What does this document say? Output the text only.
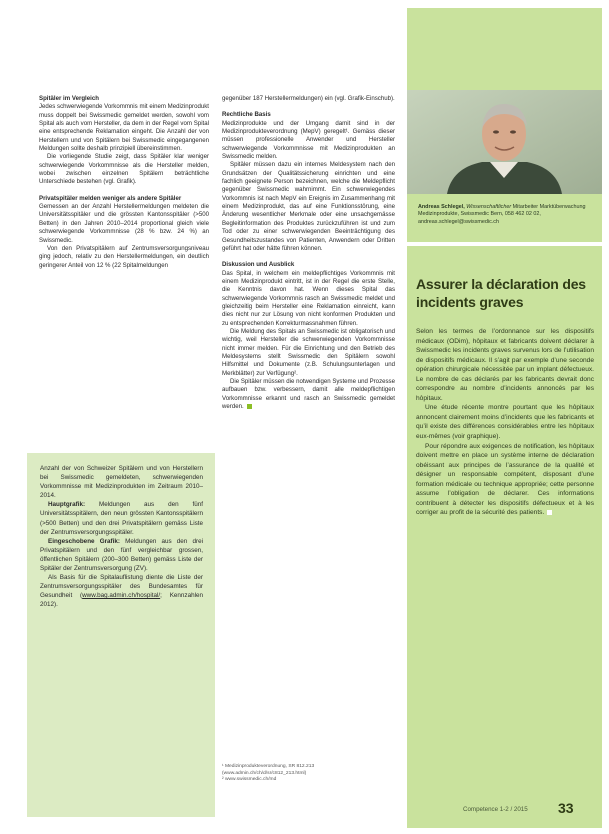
Spitäler im Vergleich

Jedes schwerwiegende Vorkommnis mit einem Medizinprodukt muss doppelt bei Swissmedic gemeldet werden, sowohl vom Spital als auch vom Hersteller, da dem in der Regel vom Spital eine entsprechende Reklamation eingeht. Die Anzahl der von Herstellern und von Spitälern bei Swissmedic eingegangenen Meldungen sollte deshalb prinzipiell übereinstimmen.

Die vorliegende Studie zeigt, dass Spitäler klar weniger schwerwiegende Vorkommnisse als die Hersteller melden, wobei zwischen einzelnen Spitälern beträchtliche Unterschiede bestehen (vgl. Grafik).

Privatspitäler melden weniger als andere Spitäler

Gemessen an der Anzahl Herstellermeldungen meldeten die Universitätsspitäler und die grössten Kantonsspitäler (>500 Betten) in den Jahren 2010–2014 proportional gleich viele schwerwiegende Vorkommnisse (28 % bzw. 24 %) an Swissmedic.

Von den Privatspitälern auf Zentrumsversorgungsniveau ging jedoch, relativ zu den Herstellermeldungen, ein deutlich geringerer Anteil von 12 % (22 Spitalmeldungen

Anzahl der von Schweizer Spitälern und von Herstellern bei Swissmedic gemeldeten, schwerwiegenden Vorkommnisse mit Medizinprodukten im Zeitraum 2010–2014.

Hauptgrafik: Meldungen aus den fünf Universitätsspitälern, den neun grössten Kantonsspitälern (>500 Betten) und den drei Privatspitälern gemäss Liste der Zentrumsversorgungsspitäler.

Eingeschobene Grafik: Meldungen aus den drei Privatspitälern und den fünf vergleichbar grossen, öffentlichen Spitälern (200–300 Betten) gemäss Liste der Spitäler der Zentrumsversorgung (ZV).

Als Basis für die Spitalauflistung diente die Liste der Zentrumsversorgungsspitäler des Bundesamtes für Gesundheit (www.bag.admin.ch/hospital/; Kennzahlen 2012).

gegenüber 187 Herstellermeldungen) ein (vgl. Grafik-Einschub).

Rechtliche Basis

Medizinprodukte und der Umgang damit sind in der Medizinprodukteverordnung (MepV) geregelt¹. Gemäss dieser müssen professionelle Anwender und Hersteller schwerwiegende Vorkommnisse mit Medizinprodukten an Swissmedic melden.

Spitäler müssen dazu ein internes Meldesystem nach den Grundsätzen der Qualitätssicherung einrichten und eine fachlich geeignete Person bezeichnen, welche die Meldepflicht gegenüber Swissmedic wahrnimmt. Ein schwerwiegendes Vorkommnis ist nach MepV ein Ereignis im Zusammenhang mit einem Medizinprodukt, das auf eine Funktionsstörung, eine Änderung wesentlicher Merkmale oder eine unsachgemässe Begleitinformation des Produktes zurückzuführen ist und zum Tod oder zu einer schwerwiegenden Beeinträchtigung des Gesundheitszustandes von Patienten, Anwendern oder Dritten geführt hat oder hätte führen können.

Diskussion und Ausblick

Das Spital, in welchem ein meldepflichtiges Vorkommnis mit einem Medizinprodukt eintritt, ist in der Regel die erste Stelle, die Kenntnis davon hat. Wenn dieses Spital das schwerwiegende Vorkommnis rasch an Swissmedic meldet und gleichzeitig beim Hersteller eine Reklamation einreicht, kann dies nicht nur zur Lösung von nicht konformen Produkten und zu entsprechenden Korrekturmassnahmen führen.

Die Meldung des Spitals an Swissmedic ist obligatorisch und wichtig, weil Hersteller die schwerwiegenden Vorkommnisse nicht immer melden. Für die Einrichtung und den Betrieb des Meldesystems stellt Swissmedic den Spitälern sowohl Hilfsmittel und Dokumente (z.B. Schulungsunterlagen und Merkblätter) zur Verfügung².

Die Spitäler müssen die notwendigen Systeme und Prozesse aufbauen bzw. verbessern, damit alle meldepflichtigen Vorkommnisse erkannt und rasch an Swissmedic gemeldet werden.

¹ Medizinprodukteverordnung, SR 812.213 (www.admin.ch/ch/d/sr/c812_213.html)
² www.swissmedic.ch/md
Andreas Schlegel, Wissenschaftlicher Mitarbeiter Marktüberwachung Medizinprodukte, Swissmedic Bern, 058 462 02 02, andreas.schlegel@swissmedic.ch
Assurer la déclaration des incidents graves

Selon les termes de l’ordonnance sur les dispositifs médicaux (ODim), hôpitaux et fabricants doivent déclarer à Swissmedic les incidents graves survenus lors de l’utilisation de dispositifs médicaux. Il s’agit par exemple d’une seconde opération chirurgicale nécessitée par un implant défectueux. Le nombre de cas déclarés par les fabricants devrait donc correspondre au nombre d’incidents annoncés par les hôpitaux.

Une étude récente montre pourtant que les hôpitaux annoncent clairement moins d’incidents que les fabricants et qu’il existe des différences considérables entre les hôpitaux eux-mêmes (voir graphique).

Pour répondre aux exigences de notification, les hôpitaux doivent mettre en place un système interne de déclaration obéissant aux principes de l’assurance de la qualité et désigner un responsable compétent, disposant d’une formation médicale ou technique appropriée; cette personne assume l’obligation de déclarer. Ces informations contribuent à détecter les dispositifs défectueux et à les corriger au profit de la sécurité des patients.

Competence 1-2 / 2015 33
